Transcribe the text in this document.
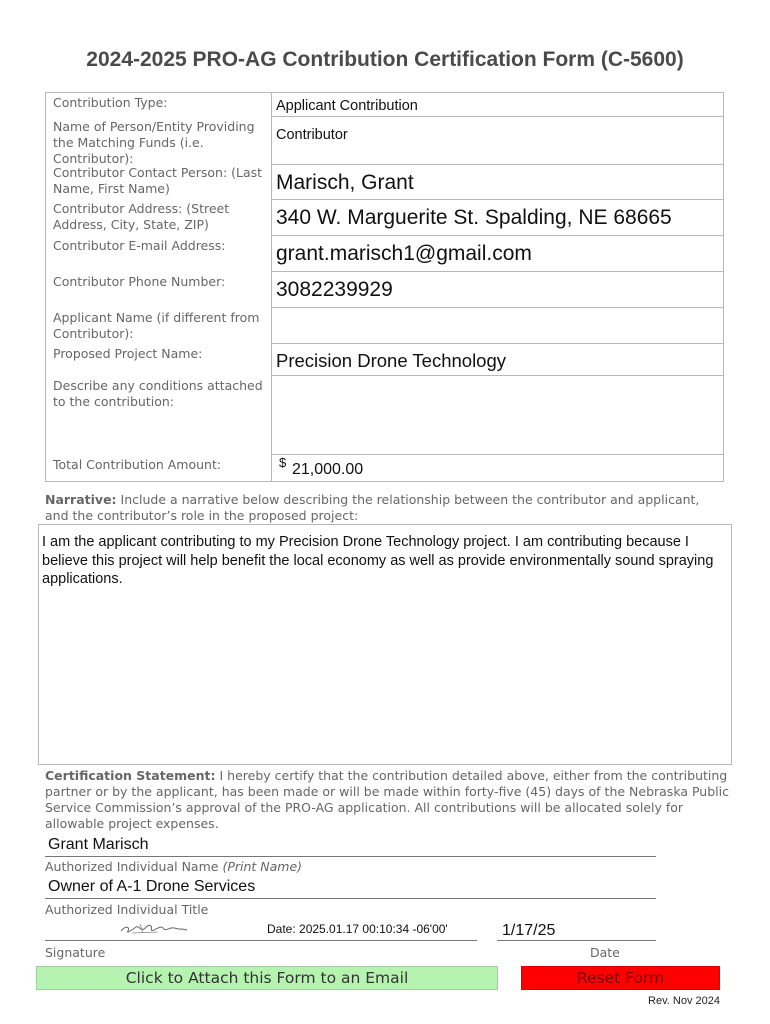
2024-2025 PRO-AG Contribution Certification Form (C-5600)
Contribution Type:	Applicant Contribution
Name of Person/Entity Providing the Matching Funds (i.e. Contributor):
Contributor
Contributor Contact Person: (Last Name, First Name)	Marisch, Grant
Contributor Address: (Street Address, City, State, ZIP)	340 W. Marguerite St. Spalding, NE 68665
Contributor E-mail Address:	grant.marisch1@gmail.com
Contributor Phone Number:	3082239929
Applicant Name (if different from Contributor):
Proposed Project Name:	Precision Drone Technology
Describe any conditions attached to the contribution:
Total Contribution Amount:	$ 21,000.00
Narrative: Include a narrative below describing the relationship between the contributor and applicant, and the contributor’s role in the proposed project:
I am the applicant contributing to my Precision Drone Technology project. I am contributing because I believe this project will help benefit the local economy as well as provide environmentally sound spraying applications.
Certification Statement: I hereby certify that the contribution detailed above, either from the contributing partner or by the applicant, has been made or will be made within forty-five (45) days of the Nebraska Public Service Commission’s approval of the PRO-AG application. All contributions will be allocated solely for allowable project expenses.
Grant Marisch
Authorized Individual Name (Print Name)
Owner of A-1 Drone Services
Authorized Individual Title
Date: 2025.01.17 00:10:34 -06'00'
Signature
1/17/25
Date
Click to Attach this Form to an Email	Reset Form
Rev. Nov 2024
